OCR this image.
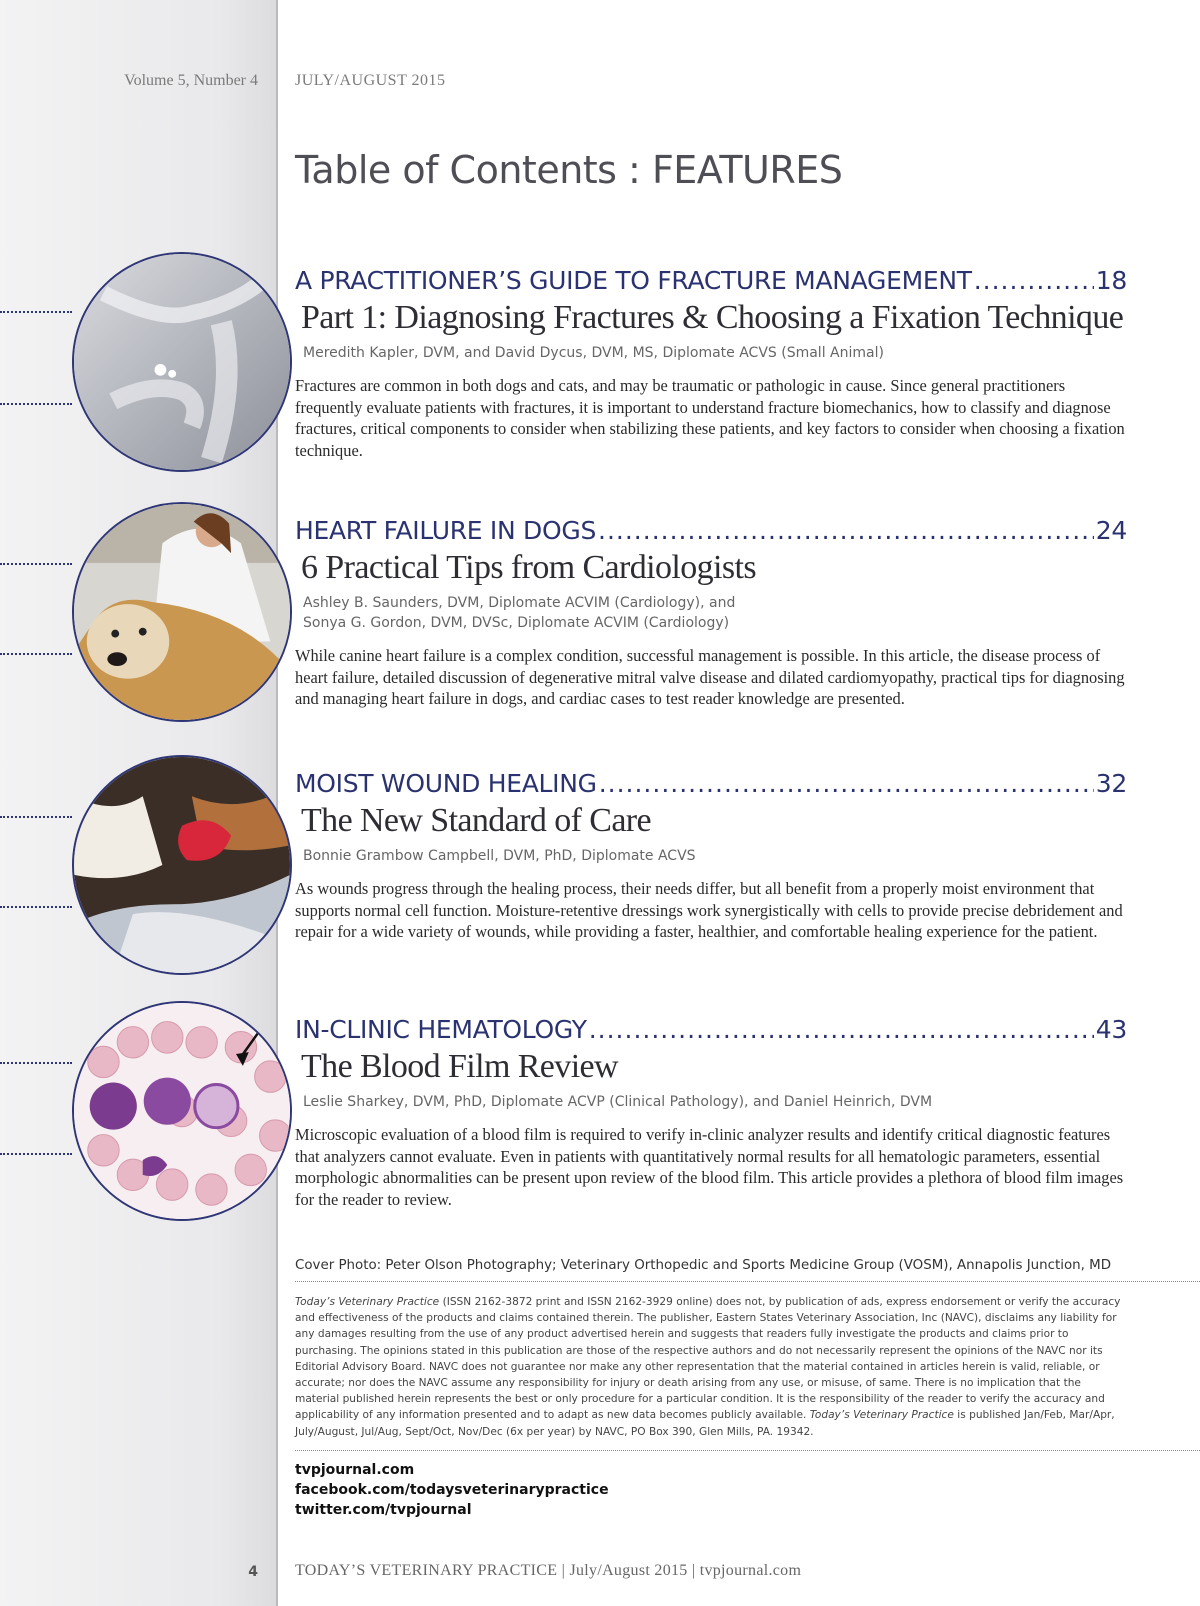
Volume 5, Number 4 JULY/AUGUST 2015
Table of Contents : FEATURES
A PRACTITIONER’S GUIDE TO FRACTURE MANAGEMENT .....	18
Part 1: Diagnosing Fractures & Choosing a Fixation Technique
Meredith Kapler, DVM, and David Dycus, DVM, MS, Diplomate ACVS (Small Animal)
Fractures are common in both dogs and cats, and may be traumatic or pathologic in cause. Since general practitioners frequently evaluate patients with fractures, it is important to understand fracture biomechanics, how to classify and diagnose fractures, critical components to consider when stabilizing these patients, and key factors to consider when choosing a fixation technique.
HEART FAILURE IN DOGS .....	24
6 Practical Tips from Cardiologists
Ashley B. Saunders, DVM, Diplomate ACVIM (Cardiology), and
Sonya G. Gordon, DVM, DVSc, Diplomate ACVIM (Cardiology)
While canine heart failure is a complex condition, successful management is possible. In this article, the disease process of heart failure, detailed discussion of degenerative mitral valve disease and dilated cardiomyopathy, practical tips for diagnosing and managing heart failure in dogs, and cardiac cases to test reader knowledge are presented.
MOIST WOUND HEALING .....	32
The New Standard of Care
Bonnie Grambow Campbell, DVM, PhD, Diplomate ACVS
As wounds progress through the healing process, their needs differ, but all benefit from a properly moist environment that supports normal cell function. Moisture-retentive dressings work synergistically with cells to provide precise debridement and repair for a wide variety of wounds, while providing a faster, healthier, and comfortable healing experience for the patient.
IN-CLINIC HEMATOLOGY .....	43
The Blood Film Review
Leslie Sharkey, DVM, PhD, Diplomate ACVP (Clinical Pathology), and Daniel Heinrich, DVM
Microscopic evaluation of a blood film is required to verify in-clinic analyzer results and identify critical diagnostic features that analyzers cannot evaluate. Even in patients with quantitatively normal results for all hematologic parameters, essential morphologic abnormalities can be present upon review of the blood film. This article provides a plethora of blood film images for the reader to review.
Cover Photo: Peter Olson Photography; Veterinary Orthopedic and Sports Medicine Group (VOSM), Annapolis Junction, MD
Today’s Veterinary Practice (ISSN 2162-3872 print and ISSN 2162-3929 online) does not, by publication of ads, express endorsement or verify the accuracy and effectiveness of the products and claims contained therein. The publisher, Eastern States Veterinary Association, Inc (NAVC), disclaims any liability for any damages resulting from the use of any product advertised herein and suggests that readers fully investigate the products and claims prior to purchasing. The opinions stated in this publication are those of the respective authors and do not necessarily represent the opinions of the NAVC nor its Editorial Advisory Board. NAVC does not guarantee nor make any other representation that the material contained in articles herein is valid, reliable, or accurate; nor does the NAVC assume any responsibility for injury or death arising from any use, or misuse, of same. There is no implication that the material published herein represents the best or only procedure for a particular condition. It is the responsibility of the reader to verify the accuracy and applicability of any information presented and to adapt as new data becomes publicly available. Today’s Veterinary Practice is published Jan/Feb, Mar/Apr, July/August, Jul/Aug, Sept/Oct, Nov/Dec (6x per year) by NAVC, PO Box 390, Glen Mills, PA. 19342.
tvpjournal.com
facebook.com/todaysveterinarypractice
twitter.com/tvpjournal
4 TODAY’S VETERINARY PRACTICE | July/August 2015 | tvpjournal.com
